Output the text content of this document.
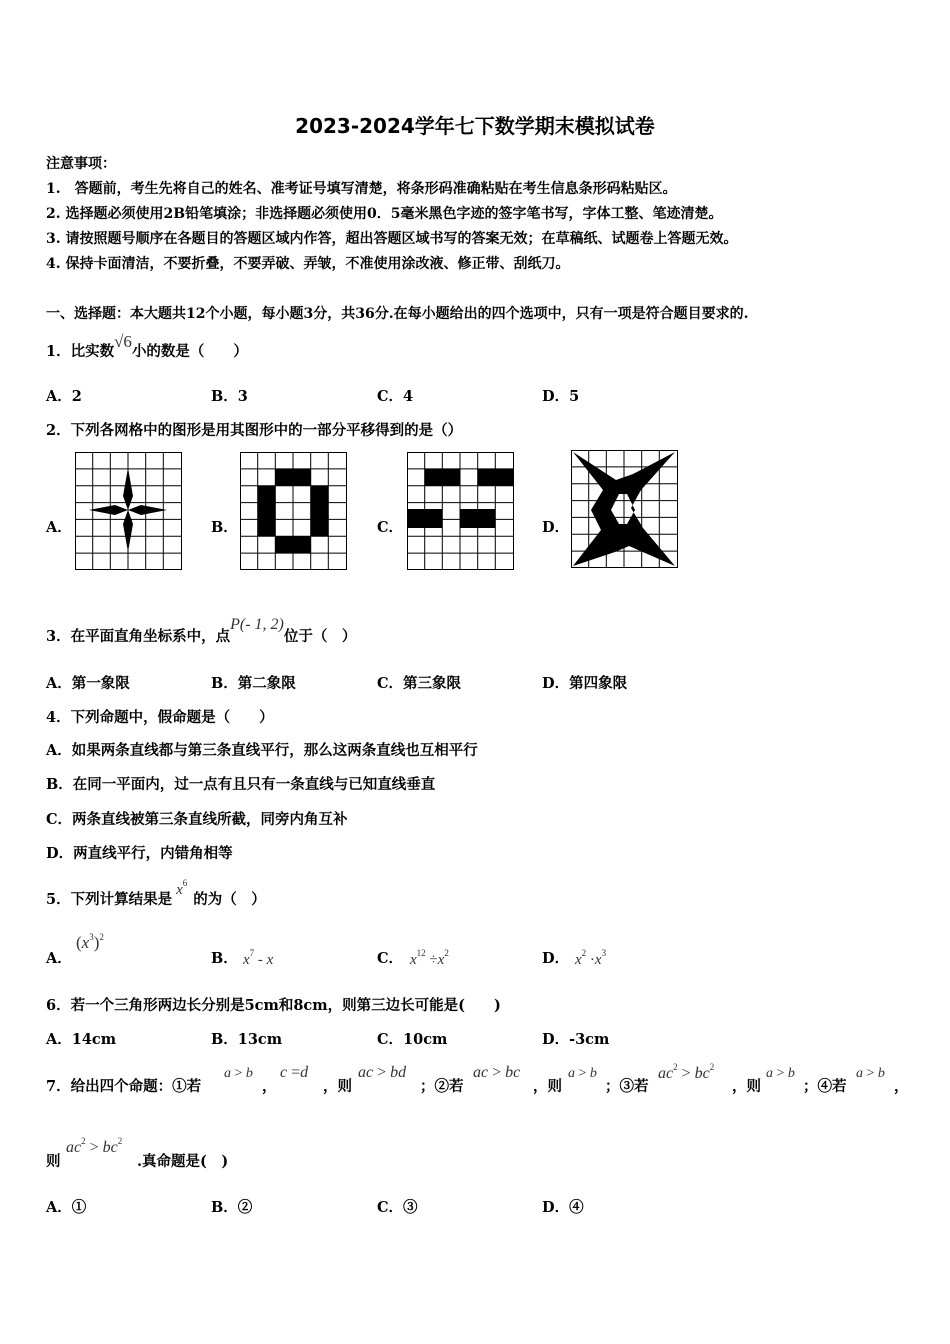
2023-2024学年七下数学期末模拟试卷
注意事项：
1.　答题前，考生先将自己的姓名、准考证号填写清楚，将条形码准确粘贴在考生信息条形码粘贴区。
2. 选择题必须使用2B铅笔填涂；非选择题必须使用0．5毫米黑色字迹的签字笔书写，字体工整、笔迹清楚。
3. 请按照题号顺序在各题目的答题区域内作答，超出答题区域书写的答案无效；在草稿纸、试题卷上答题无效。
4. 保持卡面清洁，不要折叠，不要弄破、弄皱，不准使用涂改液、修正带、刮纸刀。
一、选择题：本大题共12个小题，每小题3分，共36分.在每小题给出的四个选项中，只有一项是符合题目要求的.
1．比实数√6小的数是（　　）
A．2	B．3	C．4	D．5
2．下列各网格中的图形是用其图形中的一部分平移得到的是（）
A．	B．	C．	D．
3．在平面直角坐标系中，点P(- 1, 2)位于（　）
A．第一象限	B．第二象限	C．第三象限	D．第四象限
4．下列命题中，假命题是（　　）
A．如果两条直线都与第三条直线平行，那么这两条直线也互相平行
B．在同一平面内，过一点有且只有一条直线与已知直线垂直
C．两条直线被第三条直线所截，同旁内角互补
D．两直线平行，内错角相等
5．下列计算结果是$x^6$的为（　）
A．
$(x^3)^2$
B． $x^7$ - x	C． $x^{12} \div x^2$	D． $x^2 \cdot x^3$
6．若一个三角形两边长分别是5cm和8cm，则第三边长可能是(　　)
A．14cm	B．13cm	C．10cm	D．-3cm
7．给出四个命题：①若
a > b
，
c =d
，则
ac > bd
；②若
ac > bc
，则
a > b
；③若
$ac^2 > bc^2$
，则
a > b
；④若
a > b
，
则
$ac^2 > bc^2$
.真命题是(　)
A．①	B．②	C．③	D．④
